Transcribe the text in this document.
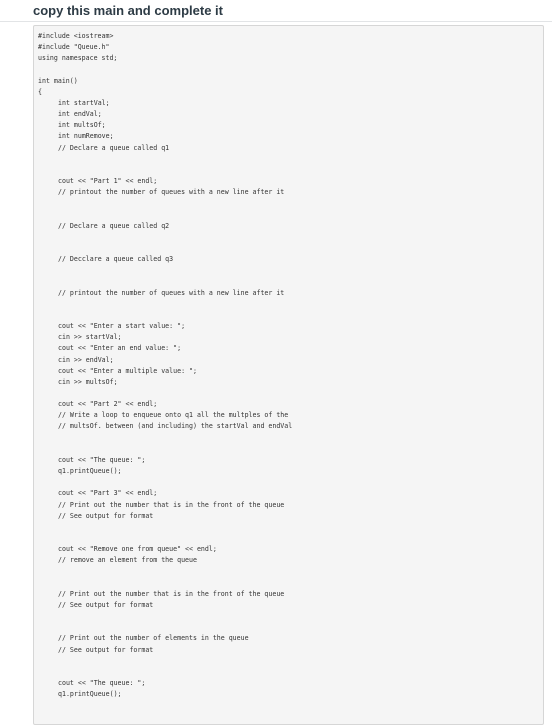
copy this main and complete it
#include <iostream>
#include "Queue.h"
using namespace std;
int main()
{
int startVal;
int endVal;
int multsOf;
int numRemove;
// Declare a queue called q1
cout << "Part 1" << endl;
// printout the number of queues with a new line after it
// Declare a queue called q2
// Decclare a queue called q3
// printout the number of queues with a new line after it
cout << "Enter a start value: ";
cin >> startVal;
cout << "Enter an end value: ";
cin >> endVal;
cout << "Enter a multiple value: ";
cin >> multsOf;
cout << "Part 2" << endl;
// Write a loop to enqueue onto q1 all the multples of the
// multsOf. between (and including) the startVal and endVal
cout << "The queue: ";
q1.printQueue();
cout << "Part 3" << endl;
// Print out the number that is in the front of the queue
// See output for format
cout << "Remove one from queue" << endl;
// remove an element from the queue
// Print out the number that is in the front of the queue
// See output for format
// Print out the number of elements in the queue
// See output for format
cout << "The queue: ";
q1.printQueue();
